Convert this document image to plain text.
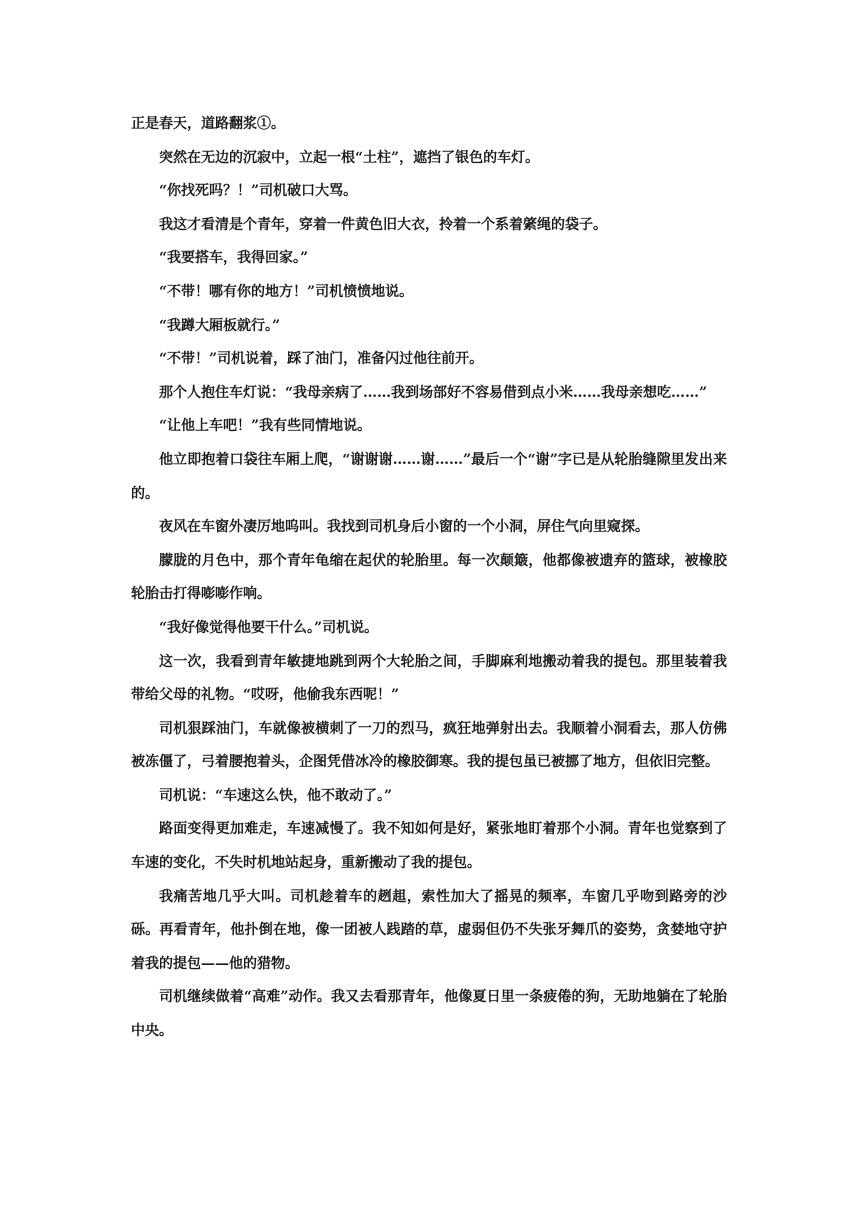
正是春天，道路翻浆①。

突然在无边的沉寂中，立起一根“土柱”，遮挡了银色的车灯。

“你找死吗？！”司机破口大骂。

我这才看清是个青年，穿着一件黄色旧大衣，拎着一个系着綮绳的袋子。

“我要搭车，我得回家。”

“不带！哪有你的地方！”司机愤愤地说。

“我蹲大厢板就行。”

“不带！”司机说着，踩了油门，准备闪过他往前开。

那个人抱住车灯说：“我母亲病了……我到场部好不容易借到点小米……我母亲想吃……”

“让他上车吧！”我有些同情地说。

他立即抱着口袋往车厢上爬，“谢谢谢……谢……”最后一个“谢”字已是从轮胎缝隙里发出来的。

夜风在车窗外凄厉地呜叫。我找到司机身后小窗的一个小洞，屏住气向里窥探。

朦胧的月色中，那个青年龟缩在起伏的轮胎里。每一次颠簸，他都像被遗弃的篮球，被橡胶轮胎击打得嘭嘭作响。

“我好像觉得他要干什么。”司机说。

这一次，我看到青年敏捷地跳到两个大轮胎之间，手脚麻利地搬动着我的提包。那里装着我带给父母的礼物。“哎呀，他偷我东西呢！”

司机狠踩油门，车就像被横刺了一刀的烈马，疯狂地弹射出去。我顺着小洞看去，那人仿佛被冻僵了，弓着腰抱着头，企图凭借冰冷的橡胶御寒。我的提包虽已被挪了地方，但依旧完整。

司机说：“车速这么快，他不敢动了。”

路面变得更加难走，车速减慢了。我不知如何是好，紧张地盯着那个小洞。青年也觉察到了车速的变化，不失时机地站起身，重新搬动了我的提包。

我痛苦地几乎大叫。司机趁着车的趔趄，索性加大了摇晃的频率，车窗几乎吻到路旁的沙砾。再看青年，他扑倒在地，像一团被人践踏的草，虚弱但仍不失张牙舞爪的姿势，贪婪地守护着我的提包——他的猎物。

司机继续做着“高难”动作。我又去看那青年，他像夏日里一条疲倦的狗，无助地躺在了轮胎中央。
